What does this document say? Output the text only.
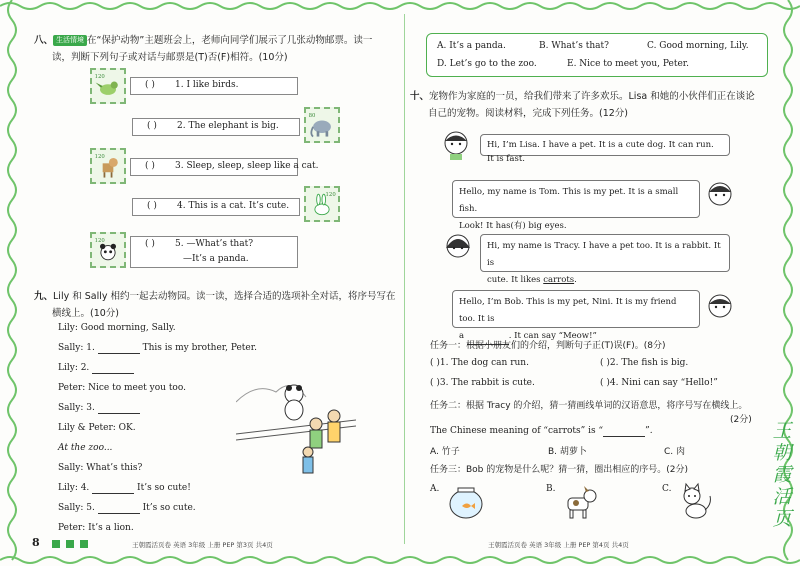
八、 生活情境 在“保护动物”主题班会上，老师向同学们展示了几张动物邮票。读一
读，判断下列句子或对话与邮票是(T)否(F)相符。(10分)
120
120
120
80
120
( ) 1. I like birds.
( ) 2. The elephant is big.
( ) 3. Sleep, sleep, sleep like a cat.
( ) 4. This is a cat. It’s cute.
( ) 5. —What’s that?
—It’s a panda.
九、Lily 和 Sally 相约一起去动物园。读一读，选择合适的选项补全对话，将序号写在
横线上。(10分)
Lily: Good morning, Sally.
Sally: 1.	This is my brother, Peter.
Lily: 2.
Peter: Nice to meet you too.
Sally: 3.
Lily & Peter: OK.
At the zoo...
Sally: What’s this?
Lily: 4.	It’s so cute!
Sally: 5.	It’s so cute.
Peter: It’s a lion.
8	王朝霞活页卷 英语 3年级 上册 PEP 第3页 共4页
A. It’s a panda.	B. What’s that?	C. Good morning, Lily.
D. Let’s go to the zoo.	E. Nice to meet you, Peter.
十、宠物作为家庭的一员，给我们带来了许多欢乐。Lisa 和她的小伙伴们正在谈论
自己的宠物。阅读材料，完成下列任务。(12分)
Hi, I’m Lisa. I have a pet. It is a cute dog. It can run. It is fast.
Hello, my name is Tom. This is my pet. It is a small fish.
Look! It has(有) big eyes.
Hi, my name is Tracy. I have a pet too. It is a rabbit. It is
cute. It likes carrots.
Hello, I’m Bob. This is my pet, Nini. It is my friend too. It is
a	. It can say “Meow!”
任务一：根据小朋友们的介绍，判断句子正(T)误(F)。(8分)
( )1. The dog can run.	( )2. The fish is big.
( )3. The rabbit is cute.	( )4. Nini can say “Hello!”
任务二：根据 Tracy 的介绍，猜一猜画线单词的汉语意思，将序号写在横线上。
(2分)
The Chinese meaning of “carrots” is “	”.
A. 竹子	B. 胡萝卜	C. 肉
任务三：Bob 的宠物是什么呢？猜一猜，圈出相应的序号。(2分)
A.	B.	C.
王朝霞活页卷 英语 3年级 上册 PEP 第4页 共4页
王
朝
霞
活
页
